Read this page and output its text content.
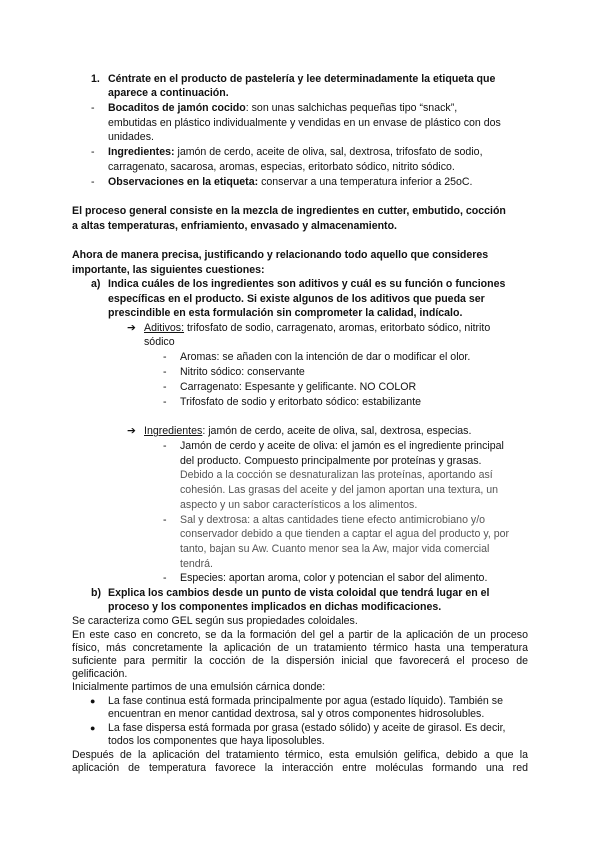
1. Céntrate en el producto de pastelería y lee determinadamente la etiqueta que
aparece a continuación.
- Bocaditos de jamón cocido: son unas salchichas pequeñas tipo “snack”,
embutidas en plástico individualmente y vendidas en un envase de plástico con dos
unidades.
- Ingredientes: jamón de cerdo, aceite de oliva, sal, dextrosa, trifosfato de sodio,
carragenato, sacarosa, aromas, especias, eritorbato sódico, nitrito sódico.
- Observaciones en la etiqueta: conservar a una temperatura inferior a 25oC.
El proceso general consiste en la mezcla de ingredientes en cutter, embutido, cocción
a altas temperaturas, enfriamiento, envasado y almacenamiento.
Ahora de manera precisa, justificando y relacionando todo aquello que consideres
importante, las siguientes cuestiones:
a) Indica cuáles de los ingredientes son aditivos y cuál es su función o funciones
específicas en el producto. Si existe algunos de los aditivos que pueda ser
prescindible en esta formulación sin comprometer la calidad, indícalo.
➔ Aditivos: trifosfato de sodio, carragenato, aromas, eritorbato sódico, nitrito
sódico
- Aromas: se añaden con la intención de dar o modificar el olor.
- Nitrito sódico: conservante
- Carragenato: Espesante y gelificante. NO COLOR
- Trifosfato de sodio y eritorbato sódico: estabilizante
➔ Ingredientes: jamón de cerdo, aceite de oliva, sal, dextrosa, especias.
- Jamón de cerdo y aceite de oliva: el jamón es el ingrediente principal
del producto. Compuesto principalmente por proteínas y grasas.
Debido a la cocción se desnaturalizan las proteínas, aportando así
cohesión. Las grasas del aceite y del jamon aportan una textura, un
aspecto y un sabor característicos a los alimentos.
- Sal y dextrosa: a altas cantidades tiene efecto antimicrobiano y/o
conservador debido a que tienden a captar el agua del producto y, por
tanto, bajan su Aw. Cuanto menor sea la Aw, major vida comercial
tendrá.
- Especies: aportan aroma, color y potencian el sabor del alimento.
b) Explica los cambios desde un punto de vista coloidal que tendrá lugar en el
proceso y los componentes implicados en dichas modificaciones.
Se caracteriza como GEL según sus propiedades coloidales.
En este caso en concreto, se da la formación del gel a partir de la aplicación de un proceso
físico, más concretamente la aplicación de un tratamiento térmico hasta una temperatura
suficiente para permitir la cocción de la dispersión inicial que favorecerá el proceso de
gelificación.
Inicialmente partimos de una emulsión cárnica donde:
● La fase continua está formada principalmente por agua (estado líquido). También se
encuentran en menor cantidad dextrosa, sal y otros componentes hidrosolubles.
● La fase dispersa está formada por grasa (estado sólido) y aceite de girasol. Es decir,
todos los componentes que haya liposolubles.
Después de la aplicación del tratamiento térmico, esta emulsión gelifica, debido a que la
aplicación de temperatura favorece la interacción entre moléculas formando una red
